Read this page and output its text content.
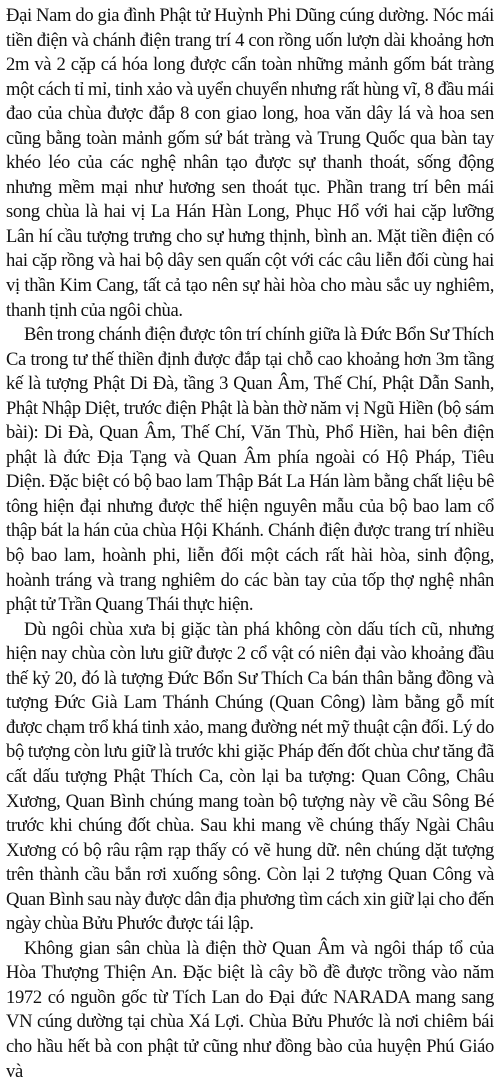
Đại Nam do gia đình Phật tử Huỳnh Phi Dũng cúng dường. Nóc mái tiền điện và chánh điện trang trí 4 con rồng uốn lượn dài khoảng hơn 2m và 2 cặp cá hóa long được cẩn toàn những mảnh gốm bát tràng một cách tỉ mỉ, tinh xảo và uyển chuyển nhưng rất hùng vĩ, 8 đầu mái đao của chùa được đắp 8 con giao long, hoa văn dây lá và hoa sen cũng bằng toàn mảnh gốm sứ bát tràng và Trung Quốc qua bàn tay khéo léo của các nghệ nhân tạo được sự thanh thoát, sống động nhưng mềm mại như hương sen thoát tục. Phần trang trí bên mái song chùa là hai vị La Hán Hàn Long, Phục Hổ với hai cặp lưỡng Lân hí cầu tượng trưng cho sự hưng thịnh, bình an. Mặt tiền điện có hai cặp rồng và hai bộ dây sen quấn cột với các câu liễn đối cùng hai vị thần Kim Cang, tất cả tạo nên sự hài hòa cho màu sắc uy nghiêm, thanh tịnh của ngôi chùa.

Bên trong chánh điện được tôn trí chính giữa là Đức Bổn Sư Thích Ca trong tư thế thiền định được đắp tại chỗ cao khoảng hơn 3m tầng kế là tượng Phật Di Đà, tầng 3 Quan Âm, Thế Chí, Phật Dẫn Sanh, Phật Nhập Diệt, trước điện Phật là bàn thờ năm vị Ngũ Hiền (bộ sám bài): Di Đà, Quan Âm, Thế Chí, Văn Thù, Phổ Hiền, hai bên điện phật là đức Địa Tạng và Quan Âm phía ngoài có Hộ Pháp, Tiêu Diện. Đặc biệt có bộ bao lam Thập Bát La Hán làm bằng chất liệu bê tông hiện đại nhưng được thể hiện nguyên mẫu của bộ bao lam cổ thập bát la hán của chùa Hội Khánh. Chánh điện được trang trí nhiều bộ bao lam, hoành phi, liễn đối một cách rất hài hòa, sinh động, hoành tráng và trang nghiêm do các bàn tay của tốp thợ nghệ nhân phật tử Trần Quang Thái thực hiện.

Dù ngôi chùa xưa bị giặc tàn phá không còn dấu tích cũ, nhưng hiện nay chùa còn lưu giữ được 2 cổ vật có niên đại vào khoảng đầu thế kỷ 20, đó là tượng Đức Bổn Sư Thích Ca bán thân bằng đồng và tượng Đức Già Lam Thánh Chúng (Quan Công) làm bằng gỗ mít được chạm trổ khá tinh xảo, mang đường nét mỹ thuật cận đối. Lý do bộ tượng còn lưu giữ là trước khi giặc Pháp đến đốt chùa chư tăng đã cất dấu tượng Phật Thích Ca, còn lại ba tượng: Quan Công, Châu Xương, Quan Bình chúng mang toàn bộ tượng này về cầu Sông Bé trước khi chúng đốt chùa. Sau khi mang về chúng thấy Ngài Châu Xương có bộ râu rậm rạp thấy có vẽ hung dữ. nên chúng dặt tượng trên thành cầu bắn rơi xuống sông. Còn lại 2 tượng Quan Công và Quan Bình sau này được dân địa phương tìm cách xin giữ lại cho đến ngày chùa Bửu Phước được tái lập.

Không gian sân chùa là điện thờ Quan Âm và ngôi tháp tổ của Hòa Thượng Thiện An. Đặc biệt là cây bồ đề được trồng vào năm 1972 có nguồn gốc từ Tích Lan do Đại đức NARADA mang sang VN cúng dường tại chùa Xá Lợi. Chùa Bửu Phước là nơi chiêm bái cho hầu hết bà con phật tử cũng như đồng bào của huyện Phú Giáo và
